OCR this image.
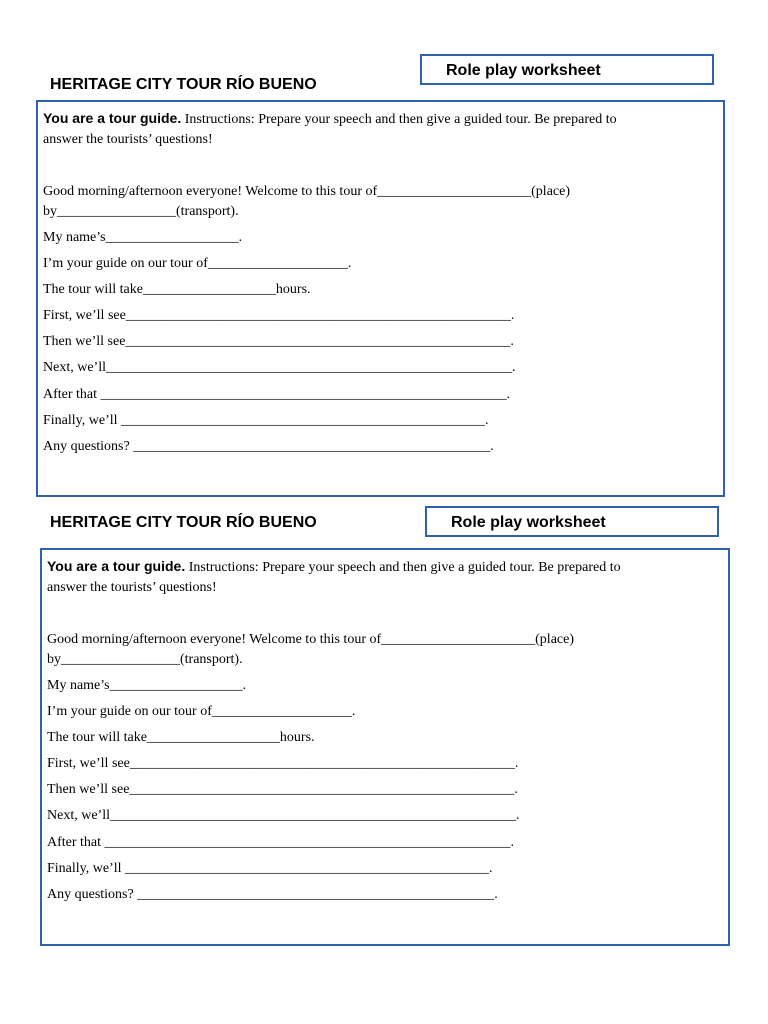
HERITAGE CITY TOUR RÍO BUENO
Role play worksheet

You are a tour guide. Instructions: Prepare your speech and then give a guided tour. Be prepared to answer the tourists’ questions!

Good morning/afternoon everyone! Welcome to this tour of______________________(place)

by_________________(transport).

My name’s___________________.

I’m your guide on our tour of____________________.

The tour will take___________________hours.

First, we’ll see_______________________________________________________.

Then we’ll see_______________________________________________________.

Next, we’ll__________________________________________________________.

After that __________________________________________________________.

Finally, we’ll ____________________________________________________.

Any questions? ___________________________________________________.

HERITAGE CITY TOUR RÍO BUENO	Role play worksheet

You are a tour guide. Instructions: Prepare your speech and then give a guided tour. Be prepared to answer the tourists’ questions!

Good morning/afternoon everyone! Welcome to this tour of______________________(place)

by_________________(transport).

My name’s___________________.

I’m your guide on our tour of____________________.

The tour will take___________________hours.

First, we’ll see_______________________________________________________.

Then we’ll see_______________________________________________________.

Next, we’ll__________________________________________________________.

After that __________________________________________________________.

Finally, we’ll ____________________________________________________.

Any questions? ___________________________________________________.
